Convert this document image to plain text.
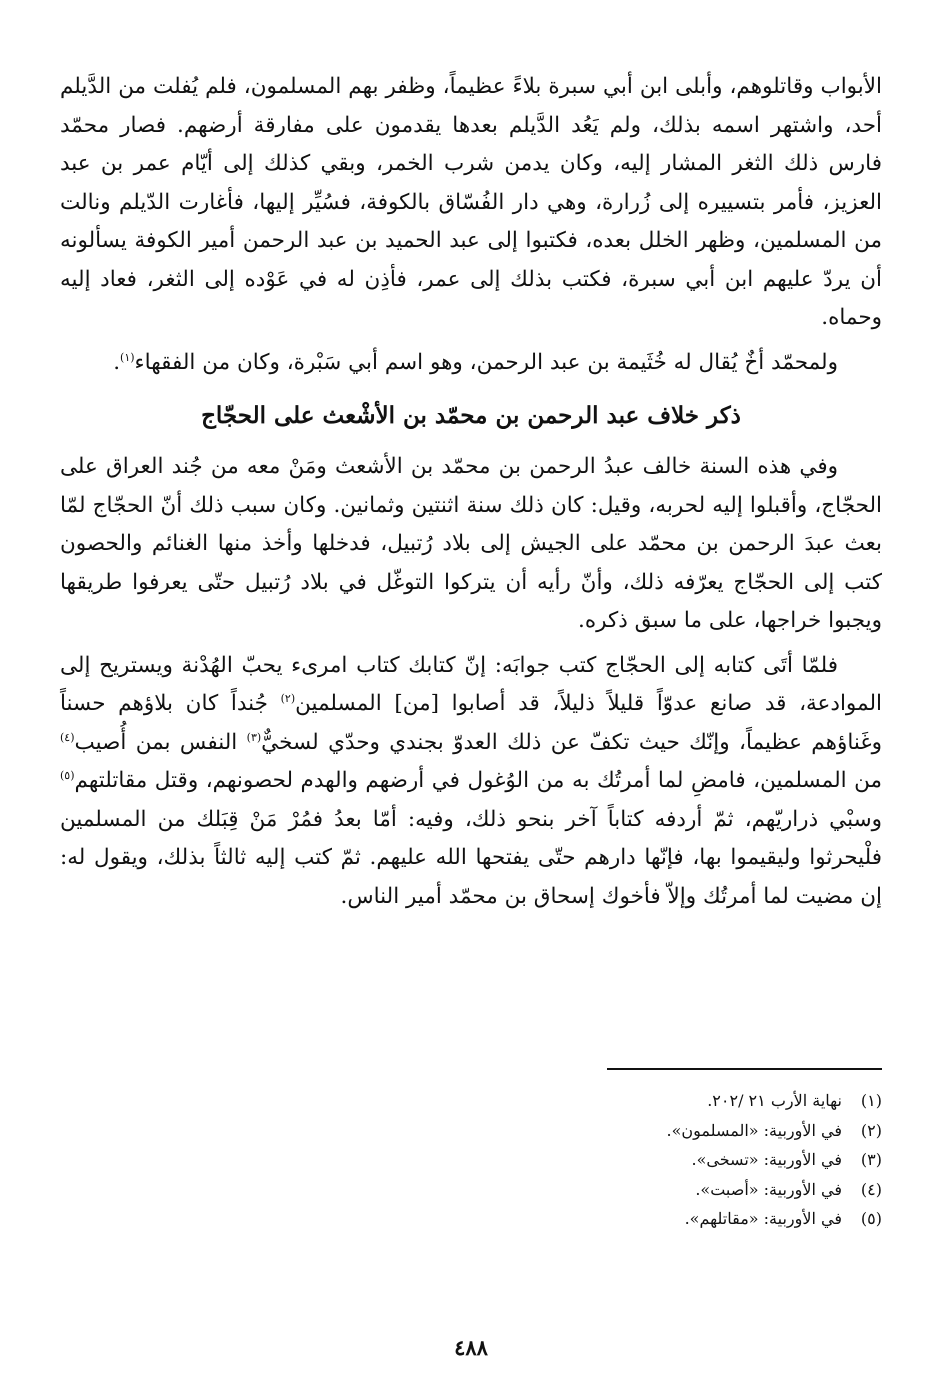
الأبواب وقاتلوهم، وأبلى ابن أبي سبرة بلاءً عظيماً، وظفر بهم المسلمون، فلم يُفلت من الدَّيلم أحد، واشتهر اسمه بذلك، ولم يَعُد الدَّيلم بعدها يقدمون على مفارقة أرضهم. فصار محمّد فارس ذلك الثغر المشار إليه، وكان يدمن شرب الخمر، وبقي كذلك إلى أيّام عمر بن عبد العزيز، فأمر بتسييره إلى زُرارة، وهي دار الفُسّاق بالكوفة، فسُيِّر إليها، فأغارت الدّيلم ونالت من المسلمين، وظهر الخلل بعده، فكتبوا إلى عبد الحميد بن عبد الرحمن أمير الكوفة يسألونه أن يردّ عليهم ابن أبي سبرة، فكتب بذلك إلى عمر، فأذِن له في عَوْده إلى الثغر، فعاد إليه وحماه.

ولمحمّد أخٌ يُقال له خُثَيمة بن عبد الرحمن، وهو اسم أبي سَبْرة، وكان من الفقهاء$^{(١)}$.

ذكر خلاف عبد الرحمن بن محمّد بن الأشْعث على الحجّاج

وفي هذه السنة خالف عبدُ الرحمن بن محمّد بن الأشعث ومَنْ معه من جُند العراق على الحجّاج، وأقبلوا إليه لحربه، وقيل: كان ذلك سنة اثنتين وثمانين. وكان سبب ذلك أنّ الحجّاج لمّا بعث عبدَ الرحمن بن محمّد على الجيش إلى بلاد رُتبيل، فدخلها وأخذ منها الغنائم والحصون كتب إلى الحجّاج يعرّفه ذلك، وأنّ رأيه أن يتركوا التوغّل في بلاد رُتبيل حتّى يعرفوا طريقها ويجبوا خراجها، على ما سبق ذكره.

فلمّا أتَى كتابه إلى الحجّاج كتب جوابَه: إنّ كتابك كتاب امرىء يحبّ الهُدْنة ويستريح إلى الموادعة، قد صانع عدوّاً قليلاً ذليلاً، قد أصابوا [من] المسلمين$^{(٢)}$ جُنداً كان بلاؤهم حسناً وغَناؤهم عظيماً، وإنّك حيث تكفّ عن ذلك العدوّ بجندي وحدّي لسخيٌّ$^{(٣)}$ النفس بمن أُصيب$^{(٤)}$ من المسلمين، فامضِ لما أمرتُك به من الوُغول في أرضهم والهدم لحصونهم، وقتل مقاتلتهم$^{(٥)}$ وسبْي ذراريّهم، ثمّ أردفه كتاباً آخر بنحو ذلك، وفيه: أمّا بعدُ فمُرْ مَنْ قِبَلك من المسلمين فلْيحرثوا وليقيموا بها، فإنّها دارهم حتّى يفتحها الله عليهم. ثمّ كتب إليه ثالثاً بذلك، ويقول له: إن مضيت لما أمرتُك وإلاّ فأخوك إسحاق بن محمّد أمير الناس.

(١)نهاية الأرب ٢١ /٢٠٢.

(٢)في الأوربية: «المسلمون».

(٣)في الأوربية: «تسخى».

(٤)في الأوربية: «أصبت».

(٥)في الأوربية: «مقاتلهم».

٤٨٨
